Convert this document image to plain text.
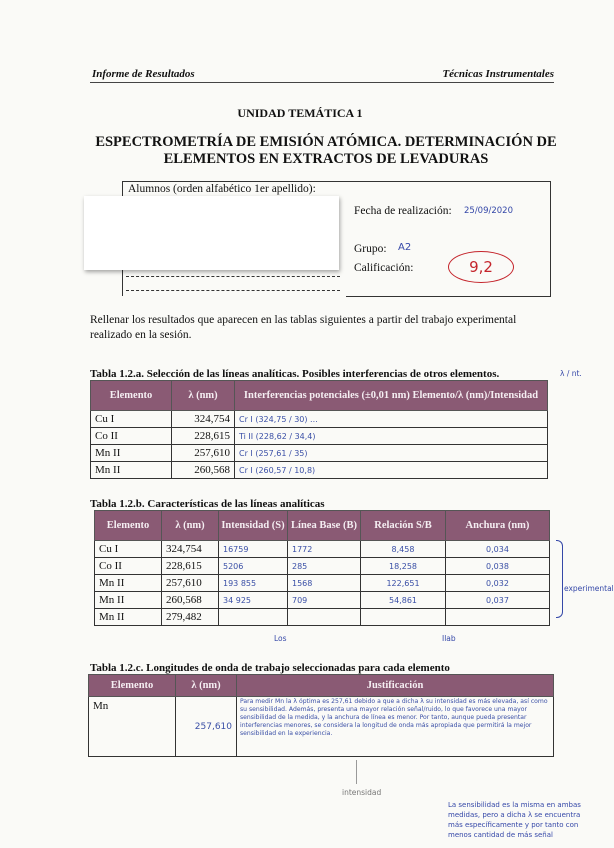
Informe de Resultados	Técnicas Instrumentales
UNIDAD TEMÁTICA 1
ESPECTROMETRÍA DE EMISIÓN ATÓMICA. DETERMINACIÓN DE ELEMENTOS EN EXTRACTOS DE LEVADURAS
Alumnos (orden alfabético 1er apellido):
Fecha de realización: 25/09/2020
Grupo: A2
Calificación:	9,2
Rellenar los resultados que aparecen en las tablas siguientes a partir del trabajo experimental realizado en la sesión.
Tabla 1.2.a. Selección de las líneas analíticas. Posibles interferencias de otros elementos.	λ / nt.
Elemento	λ (nm)	Interferencias potenciales (±0,01 nm) Elemento/λ (nm)/Intensidad
Cu I	324,754	Cr I (324,75 / 30) ...
Co II	228,615	Ti II (228,62 / 34,4)
Mn II	257,610	Cr I (257,61 / 35)
Mn II	260,568	Cr I (260,57 / 10,8)
Tabla 1.2.b. Características de las líneas analíticas
Elemento	λ (nm)	Intensidad (S)	Línea Base (B)	Relación S/B	Anchura (nm)
Cu I	324,754	16759	1772	8,458	0,034
Co II	228,615	5206	285	18,258	0,038
Mn II	257,610	193 855	1568	122,651	0,032
Mn II	260,568	34 925	709	54,861	0,037
Mn II	279,482				
Los	Ilab
experimental
Tabla 1.2.c. Longitudes de onda de trabajo seleccionadas para cada elemento
Elemento	λ (nm)	Justificación
Mn	257,610	Para medir Mn la λ óptima es 257,61 debido a que a dicha λ su intensidad es más elevada, así como su sensibilidad. Además, presenta una mayor relación señal/ruido, lo que favorece una mayor sensibilidad de la medida, y la anchura de línea es menor. Por tanto, aunque pueda presentar interferencias menores, se considera la longitud de onda más apropiada que permitirá la mejor sensibilidad en la experiencia.
intensidad
La sensibilidad es la misma en ambas medidas, pero a dicha λ se encuentra más específicamente y por tanto con menos cantidad de más señal
